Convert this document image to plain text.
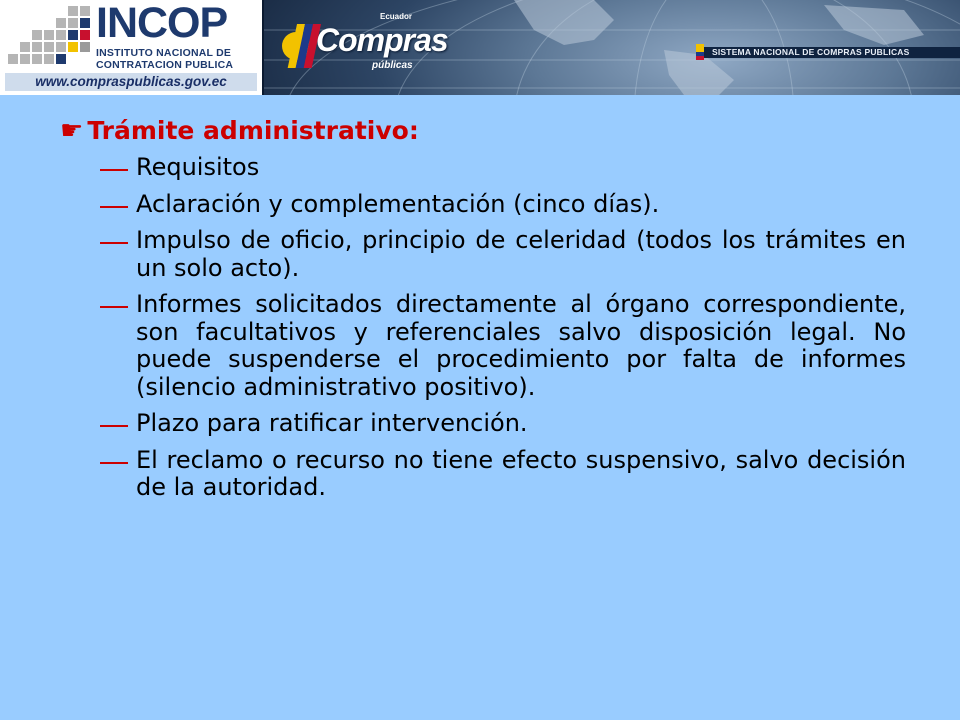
INCOP
INSTITUTO NACIONAL DE
CONTRATACION PUBLICA
www.compraspublicas.gov.ec
Ecuador
Compras
públicas
SISTEMA NACIONAL DE COMPRAS PUBLICAS
☛ Trámite administrativo:
Requisitos
Aclaración y complementación (cinco días).
Impulso de oficio, principio de celeridad (todos los trámites en un solo acto).
Informes solicitados directamente al órgano correspondiente, son facultativos y referenciales salvo disposición legal. No puede suspenderse el procedimiento por falta de informes (silencio administrativo positivo).
Plazo para ratificar intervención.
El reclamo o recurso no tiene efecto suspensivo, salvo decisión de la autoridad.
